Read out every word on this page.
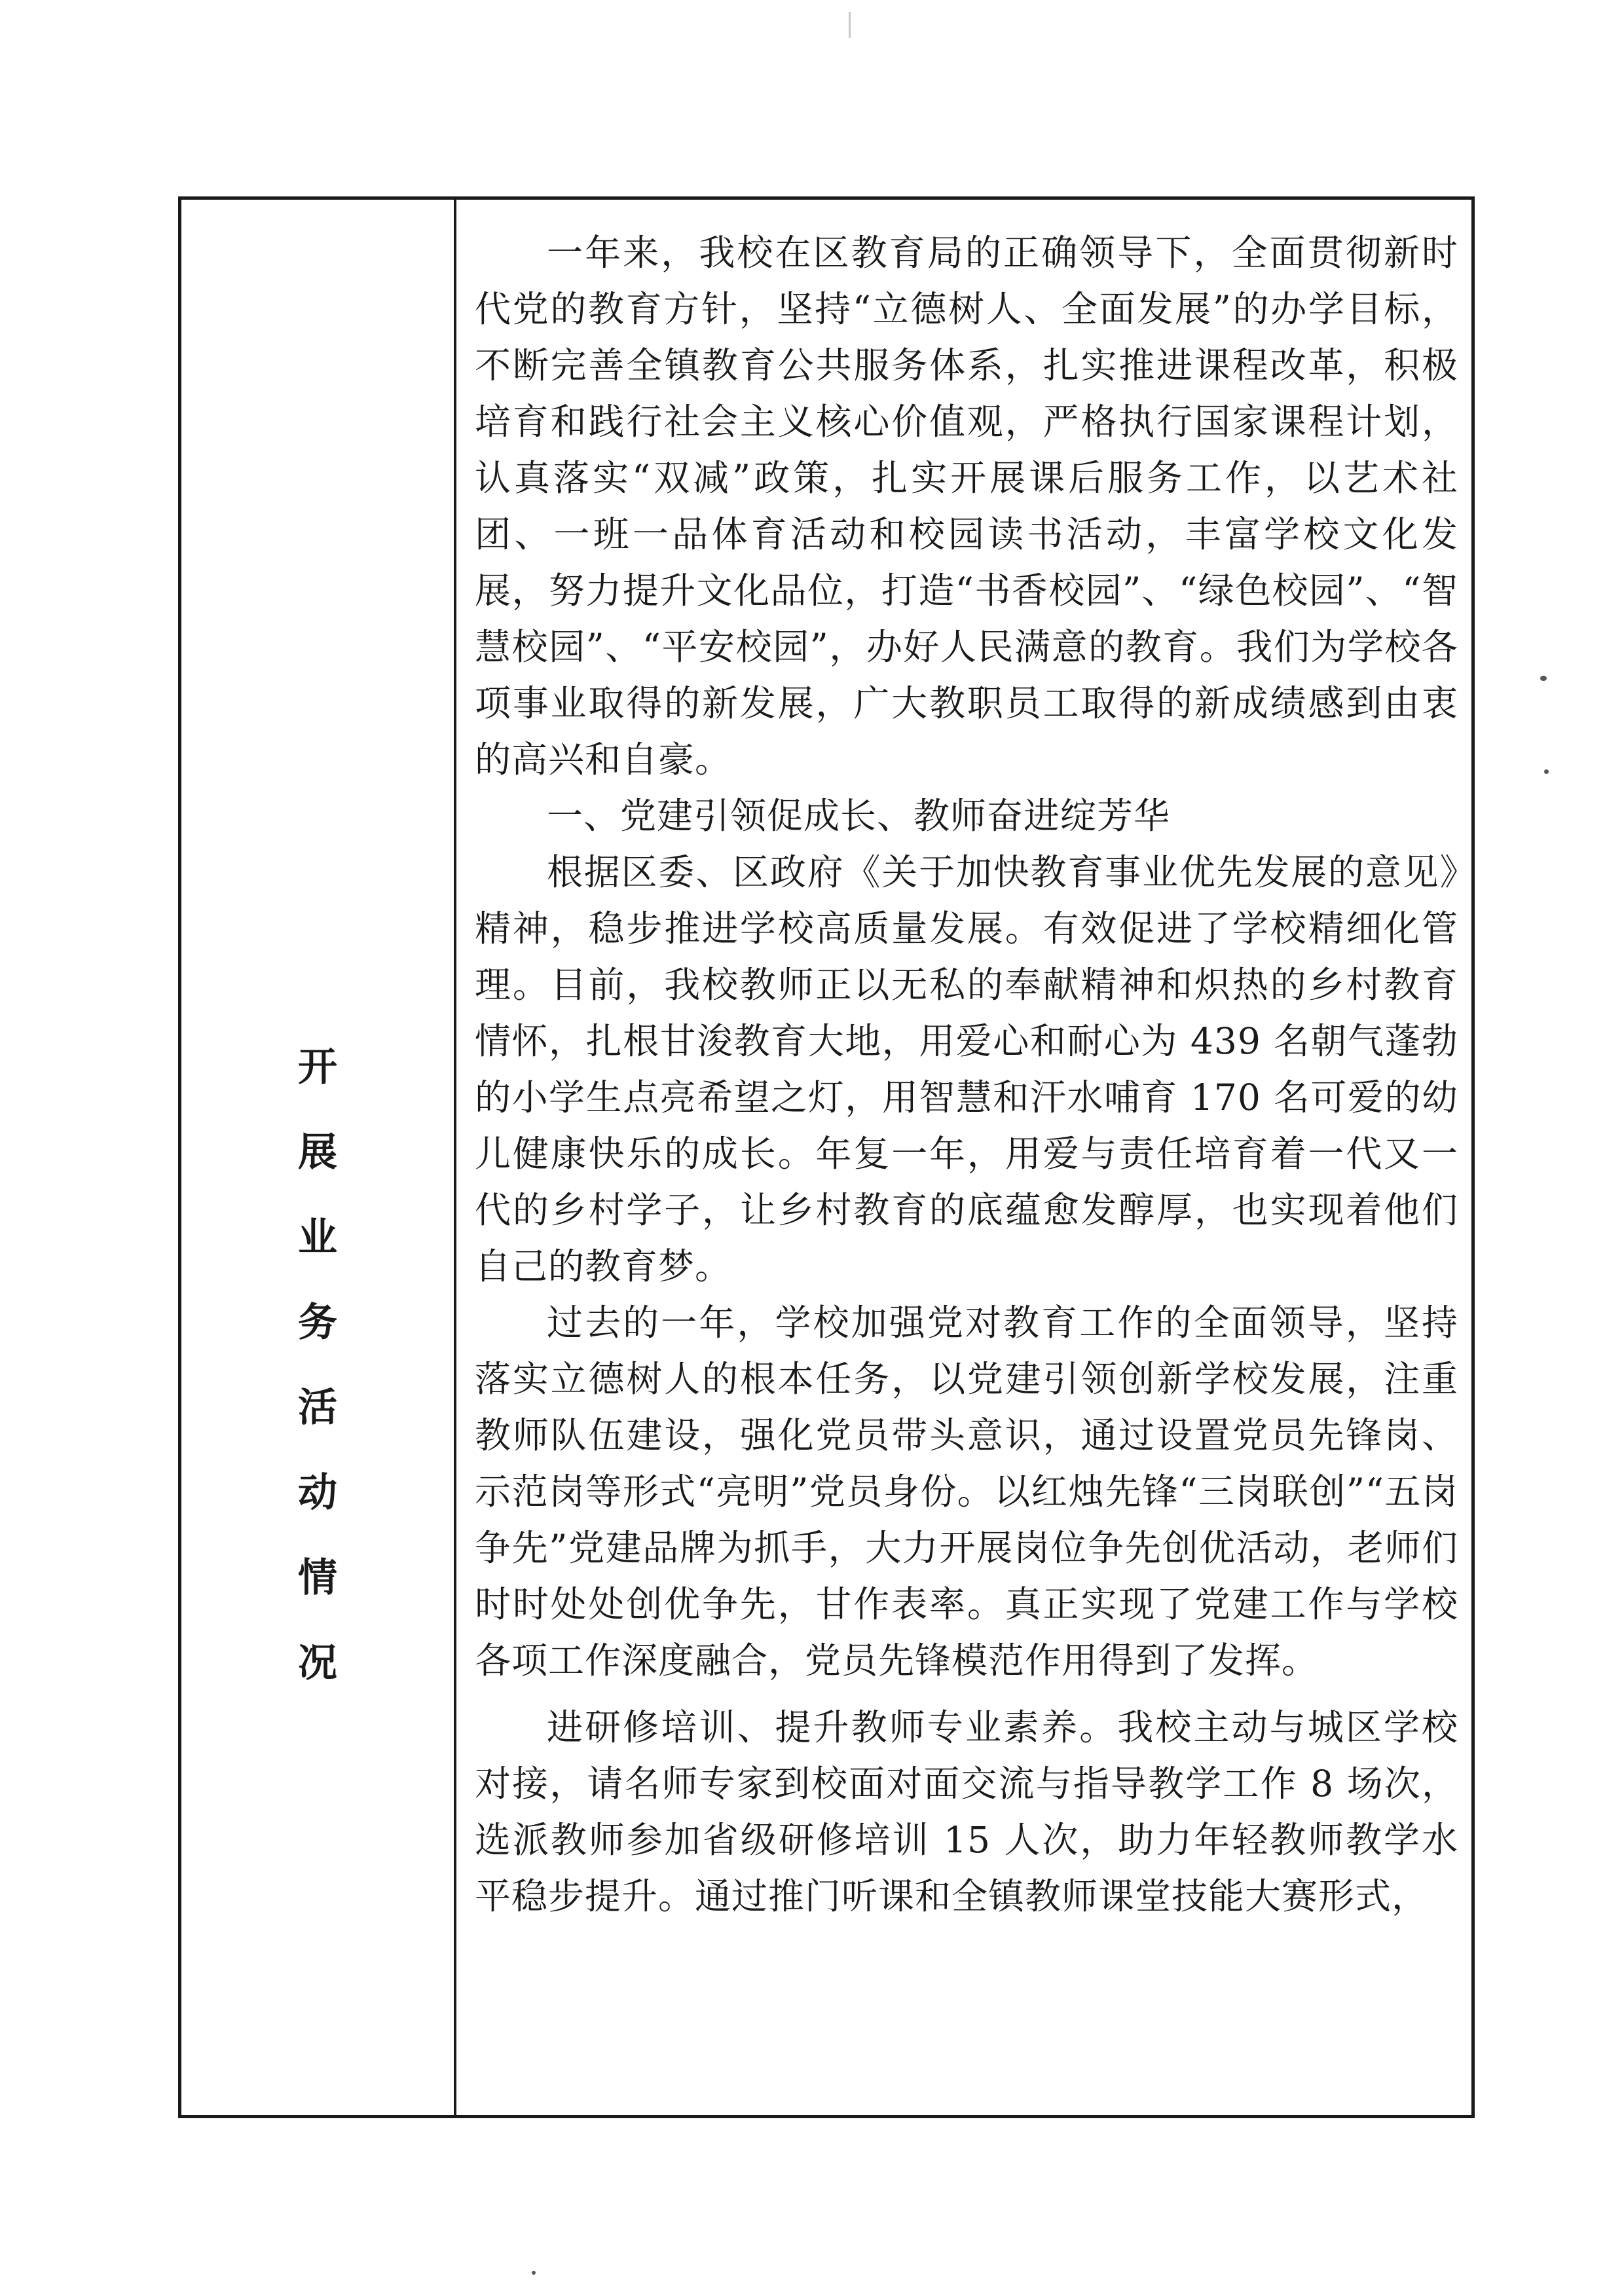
开
展
业
务
活
动
情
况

一年来，我校在区教育局的正确领导下，全面贯彻新时代党的教育方针，坚持“立德树人、全面发展”的办学目标，不断完善全镇教育公共服务体系，扎实推进课程改革，积极培育和践行社会主义核心价值观，严格执行国家课程计划，认真落实“双减”政策，扎实开展课后服务工作，以艺术社团、一班一品体育活动和校园读书活动，丰富学校文化发展，努力提升文化品位，打造“书香校园”、“绿色校园”、“智慧校园”、“平安校园”，办好人民满意的教育。我们为学校各项事业取得的新发展，广大教职员工取得的新成绩感到由衷的高兴和自豪。

一、党建引领促成长、教师奋进绽芳华

根据区委、区政府《关于加快教育事业优先发展的意见》精神，稳步推进学校高质量发展。有效促进了学校精细化管理。目前，我校教师正以无私的奉献精神和炽热的乡村教育情怀，扎根甘浚教育大地，用爱心和耐心为 439 名朝气蓬勃的小学生点亮希望之灯，用智慧和汗水哺育 170 名可爱的幼儿健康快乐的成长。年复一年，用爱与责任培育着一代又一代的乡村学子，让乡村教育的底蕴愈发醇厚，也实现着他们自己的教育梦。

过去的一年，学校加强党对教育工作的全面领导，坚持落实立德树人的根本任务，以党建引领创新学校发展，注重教师队伍建设，强化党员带头意识，通过设置党员先锋岗、示范岗等形式“亮明”党员身份。以红烛先锋“三岗联创”“五岗争先”党建品牌为抓手，大力开展岗位争先创优活动，老师们时时处处创优争先，甘作表率。真正实现了党建工作与学校各项工作深度融合，党员先锋模范作用得到了发挥。

进研修培训、提升教师专业素养。我校主动与城区学校对接，请名师专家到校面对面交流与指导教学工作 8 场次，选派教师参加省级研修培训 15 人次，助力年轻教师教学水平稳步提升。通过推门听课和全镇教师课堂技能大赛形式，
